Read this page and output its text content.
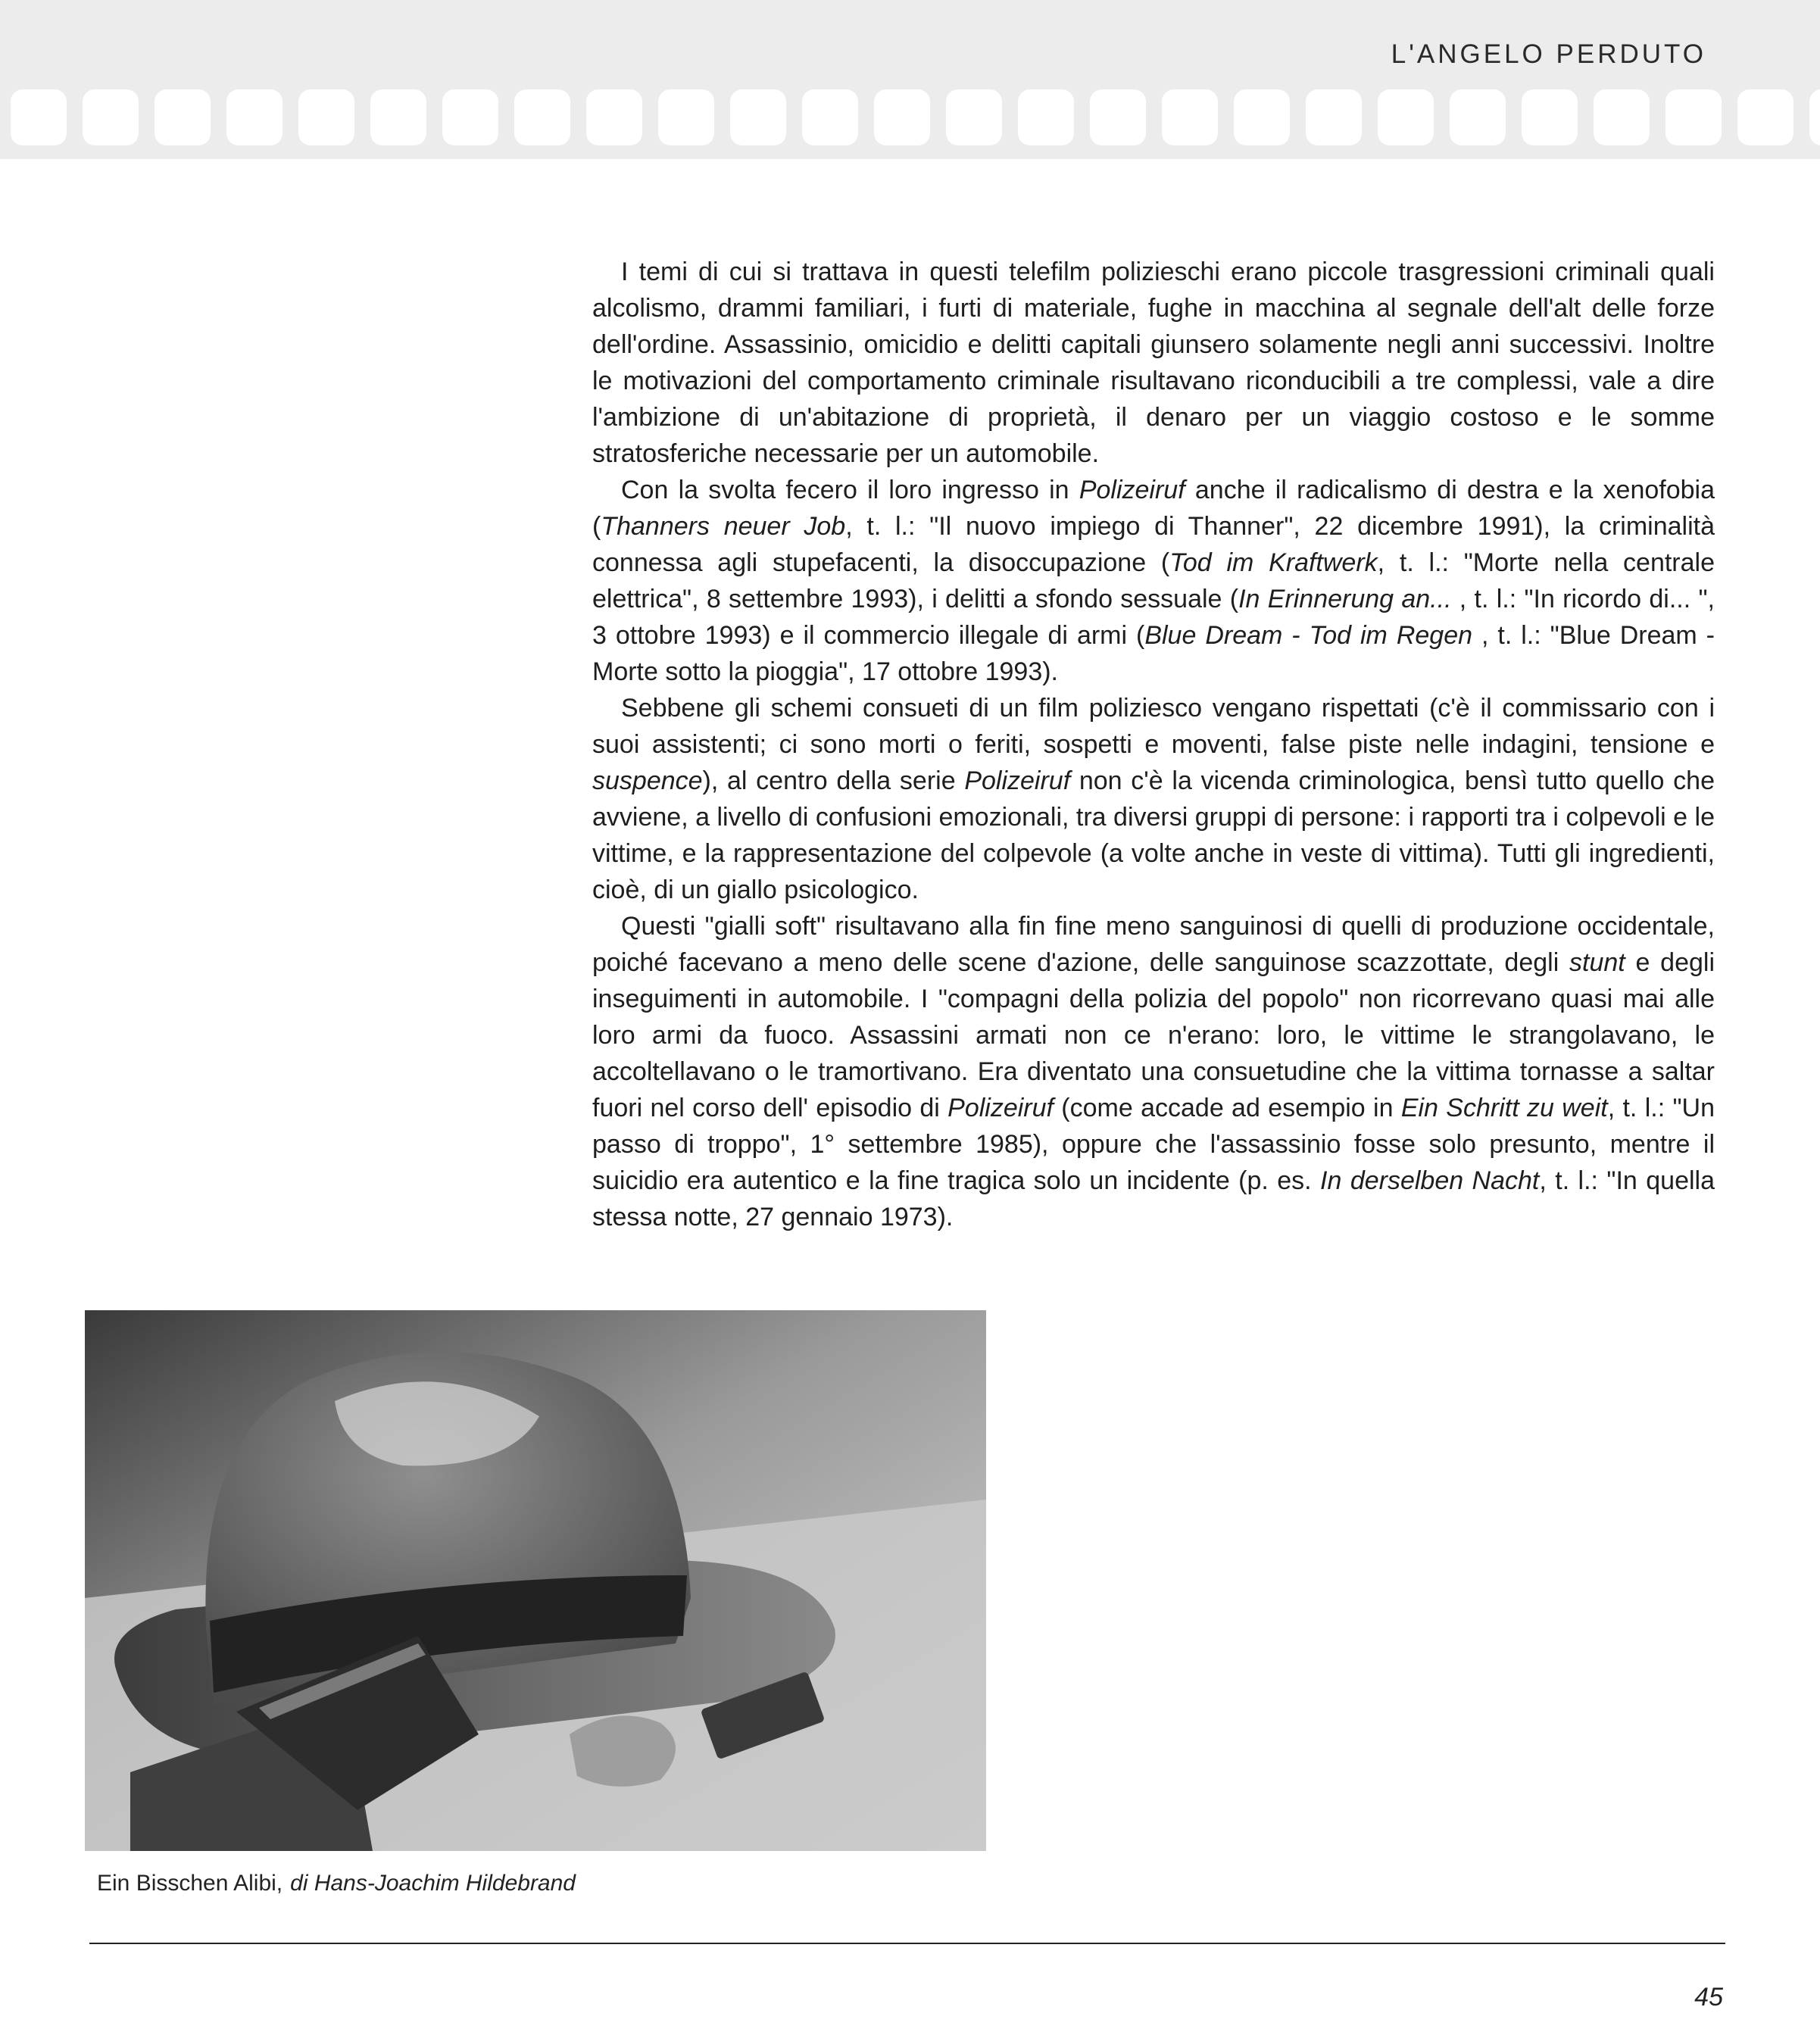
L'ANGELO PERDUTO

I temi di cui si trattava in questi telefilm polizieschi erano piccole trasgressioni criminali quali alcolismo, drammi familiari, i furti di materiale, fughe in macchina al segnale dell'alt delle forze dell'ordine. Assassinio, omicidio e delitti capitali giunsero solamente negli anni successivi. Inoltre le motivazioni del comportamento criminale risultavano riconducibili a tre complessi, vale a dire l'ambizione di un'abitazione di proprietà, il denaro per un viaggio costoso e le somme stratosferiche necessarie per un automobile.

Con la svolta fecero il loro ingresso in Polizeiruf anche il radicalismo di destra e la xenofobia (Thanners neuer Job, t. l.: "Il nuovo impiego di Thanner", 22 dicembre 1991), la criminalità connessa agli stupefacenti, la disoccupazione (Tod im Kraftwerk, t. l.: "Morte nella centrale elettrica", 8 settembre 1993), i delitti a sfondo sessuale (In Erinnerung an... , t. l.: "In ricordo di... ", 3 ottobre 1993) e il commercio illegale di armi (Blue Dream - Tod im Regen , t. l.: "Blue Dream - Morte sotto la pioggia", 17 ottobre 1993).

Sebbene gli schemi consueti di un film poliziesco vengano rispettati (c'è il commissario con i suoi assistenti; ci sono morti o feriti, sospetti e moventi, false piste nelle indagini, tensione e suspence), al centro della serie Polizeiruf non c'è la vicenda criminologica, bensì tutto quello che avviene, a livello di confusioni emozionali, tra diversi gruppi di persone: i rapporti tra i colpevoli e le vittime, e la rappresentazione del colpevole (a volte anche in veste di vittima). Tutti gli ingredienti, cioè, di un giallo psicologico.

Questi "gialli soft" risultavano alla fin fine meno sanguinosi di quelli di produzione occidentale, poiché facevano a meno delle scene d'azione, delle sanguinose scazzottate, degli stunt e degli inseguimenti in automobile. I "compagni della polizia del popolo" non ricorrevano quasi mai alle loro armi da fuoco. Assassini armati non ce n'erano: loro, le vittime le strangolavano, le accoltellavano o le tramortivano. Era diventato una consuetudine che la vittima tornasse a saltar fuori nel corso dell' episodio di Polizeiruf (come accade ad esempio in Ein Schritt zu weit, t. l.: "Un passo di troppo", 1° settembre 1985), oppure che l'assassinio fosse solo presunto, mentre il suicidio era autentico e la fine tragica solo un incidente (p. es. In derselben Nacht, t. l.: "In quella stessa notte, 27 gennaio 1973).

Ein Bisschen Alibi, di Hans-Joachim Hildebrand
45
